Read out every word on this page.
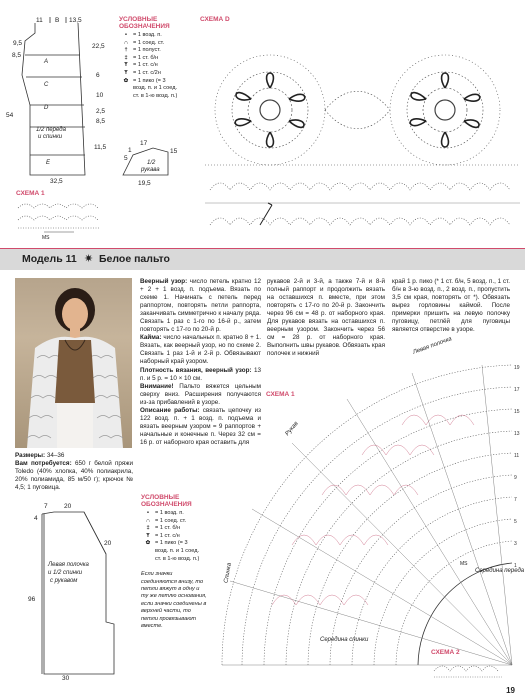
11 B 13,5
9,5	22,5
8,5
10
54
6
2,5
8,5
11,5
32,5
A
C
D
1/2 переда
и спинки
E
17
15
5
1
19,5
1/2
рукава
УСЛОВНЫЕ
ОБОЗНАЧЕНИЯ
• = 1 возд. п.
∩ = 1 соед. ст.
† = 1 полуст.
‡ = 1 ст. б/н
Ŧ = 1 ст. с/н
Ŧ = 1 ст. с/2н
✿ = 1 пико (= 3
возд. п. и 1 соед.
ст. в 1-ю возд. п.)
СХЕМА D
СХЕМА 1
MS
Модель 11 ✷ Белое пальто
Размеры: 34–36
Вам потребуется: 650 г белой пряжи Toledo (40% хлопка, 40% полиакрила, 20% полиамида, 85 м/50 г); крючок № 4,5; 1 пуговица.
Веерный узор: число петель кратно 12 + 2 + 1 возд. п. подъема. Вязать по схеме 1. Начинать с петель перед раппортом, повторять петли раппорта, заканчивать симметрично к началу ряда. Связать 1 раз с 1-го по 16-й р., затем повторять с 17-го по 20-й р.
Кайма: число начальных п. кратно 8 + 1. Вязать, как веерный узор, но по схеме 2. Связать 1 раз 1-й и 2-й р. Обвязывают наборный край узором.
Плотность вязания, веерный узор: 13 п. и 5 р. = 10 × 10 см.
Внимание! Пальто вяжется цельным сверху вниз. Расширения получаются из-за прибавлений в узоре.
Описание работы: связать цепочку из 122 возд. п. + 1 возд. п. подъема и вязать веерным узором = 9 раппортов + начальные и конечные п. Через 32 см = 16 р. от наборного края оставить для
рукавов 2-й и 3-й, а также 7-й и 8-й полный раппорт и продолжить вязать на оставшихся п. вместе, при этом повторять с 17-го по 20-й р. Закончить через 96 см = 48 р. от наборного края. Для рукавов вязать на оставшихся п. веерным узором. Закончить через 56 см = 28 р. от наборного края. Выполнить швы рукавов. Обвязать края полочек и нижний
край 1 р. пико (* 1 ст. б/н, 5 возд. п., 1 ст. б/н в 3-ю возд. п., 2 возд. п., пропустить 3,5 см края, повторять от *). Обвязать вырез горловины каймой. После примерки пришить на левую полочку пуговицу, петлёй для пуговицы является отверстие в узоре.
7	20
4
20
96
30
Левая полочка
и 1/2 спинки
с рукавом
УСЛОВНЫЕ
ОБОЗНАЧЕНИЯ
• = 1 возд. п.
∩ = 1 соед. ст.
‡ = 1 ст. б/н
Ŧ = 1 ст. с/н
✿ = 1 пико (= 3
возд. п. и 1 соед.
ст. в 1-ю возд. п.)
Если значки соединяются внизу, то петли вяжут в одну и ту же петлю основания, если значки соединены в верхней части, то петли провязывают вместе.
СХЕМА 1
19
17
15
13
11
9
7
5
3
1
Левая полочка
Рукав
Спинка	Середина переда
Середина спинки
MS
СХЕМА 2
19
